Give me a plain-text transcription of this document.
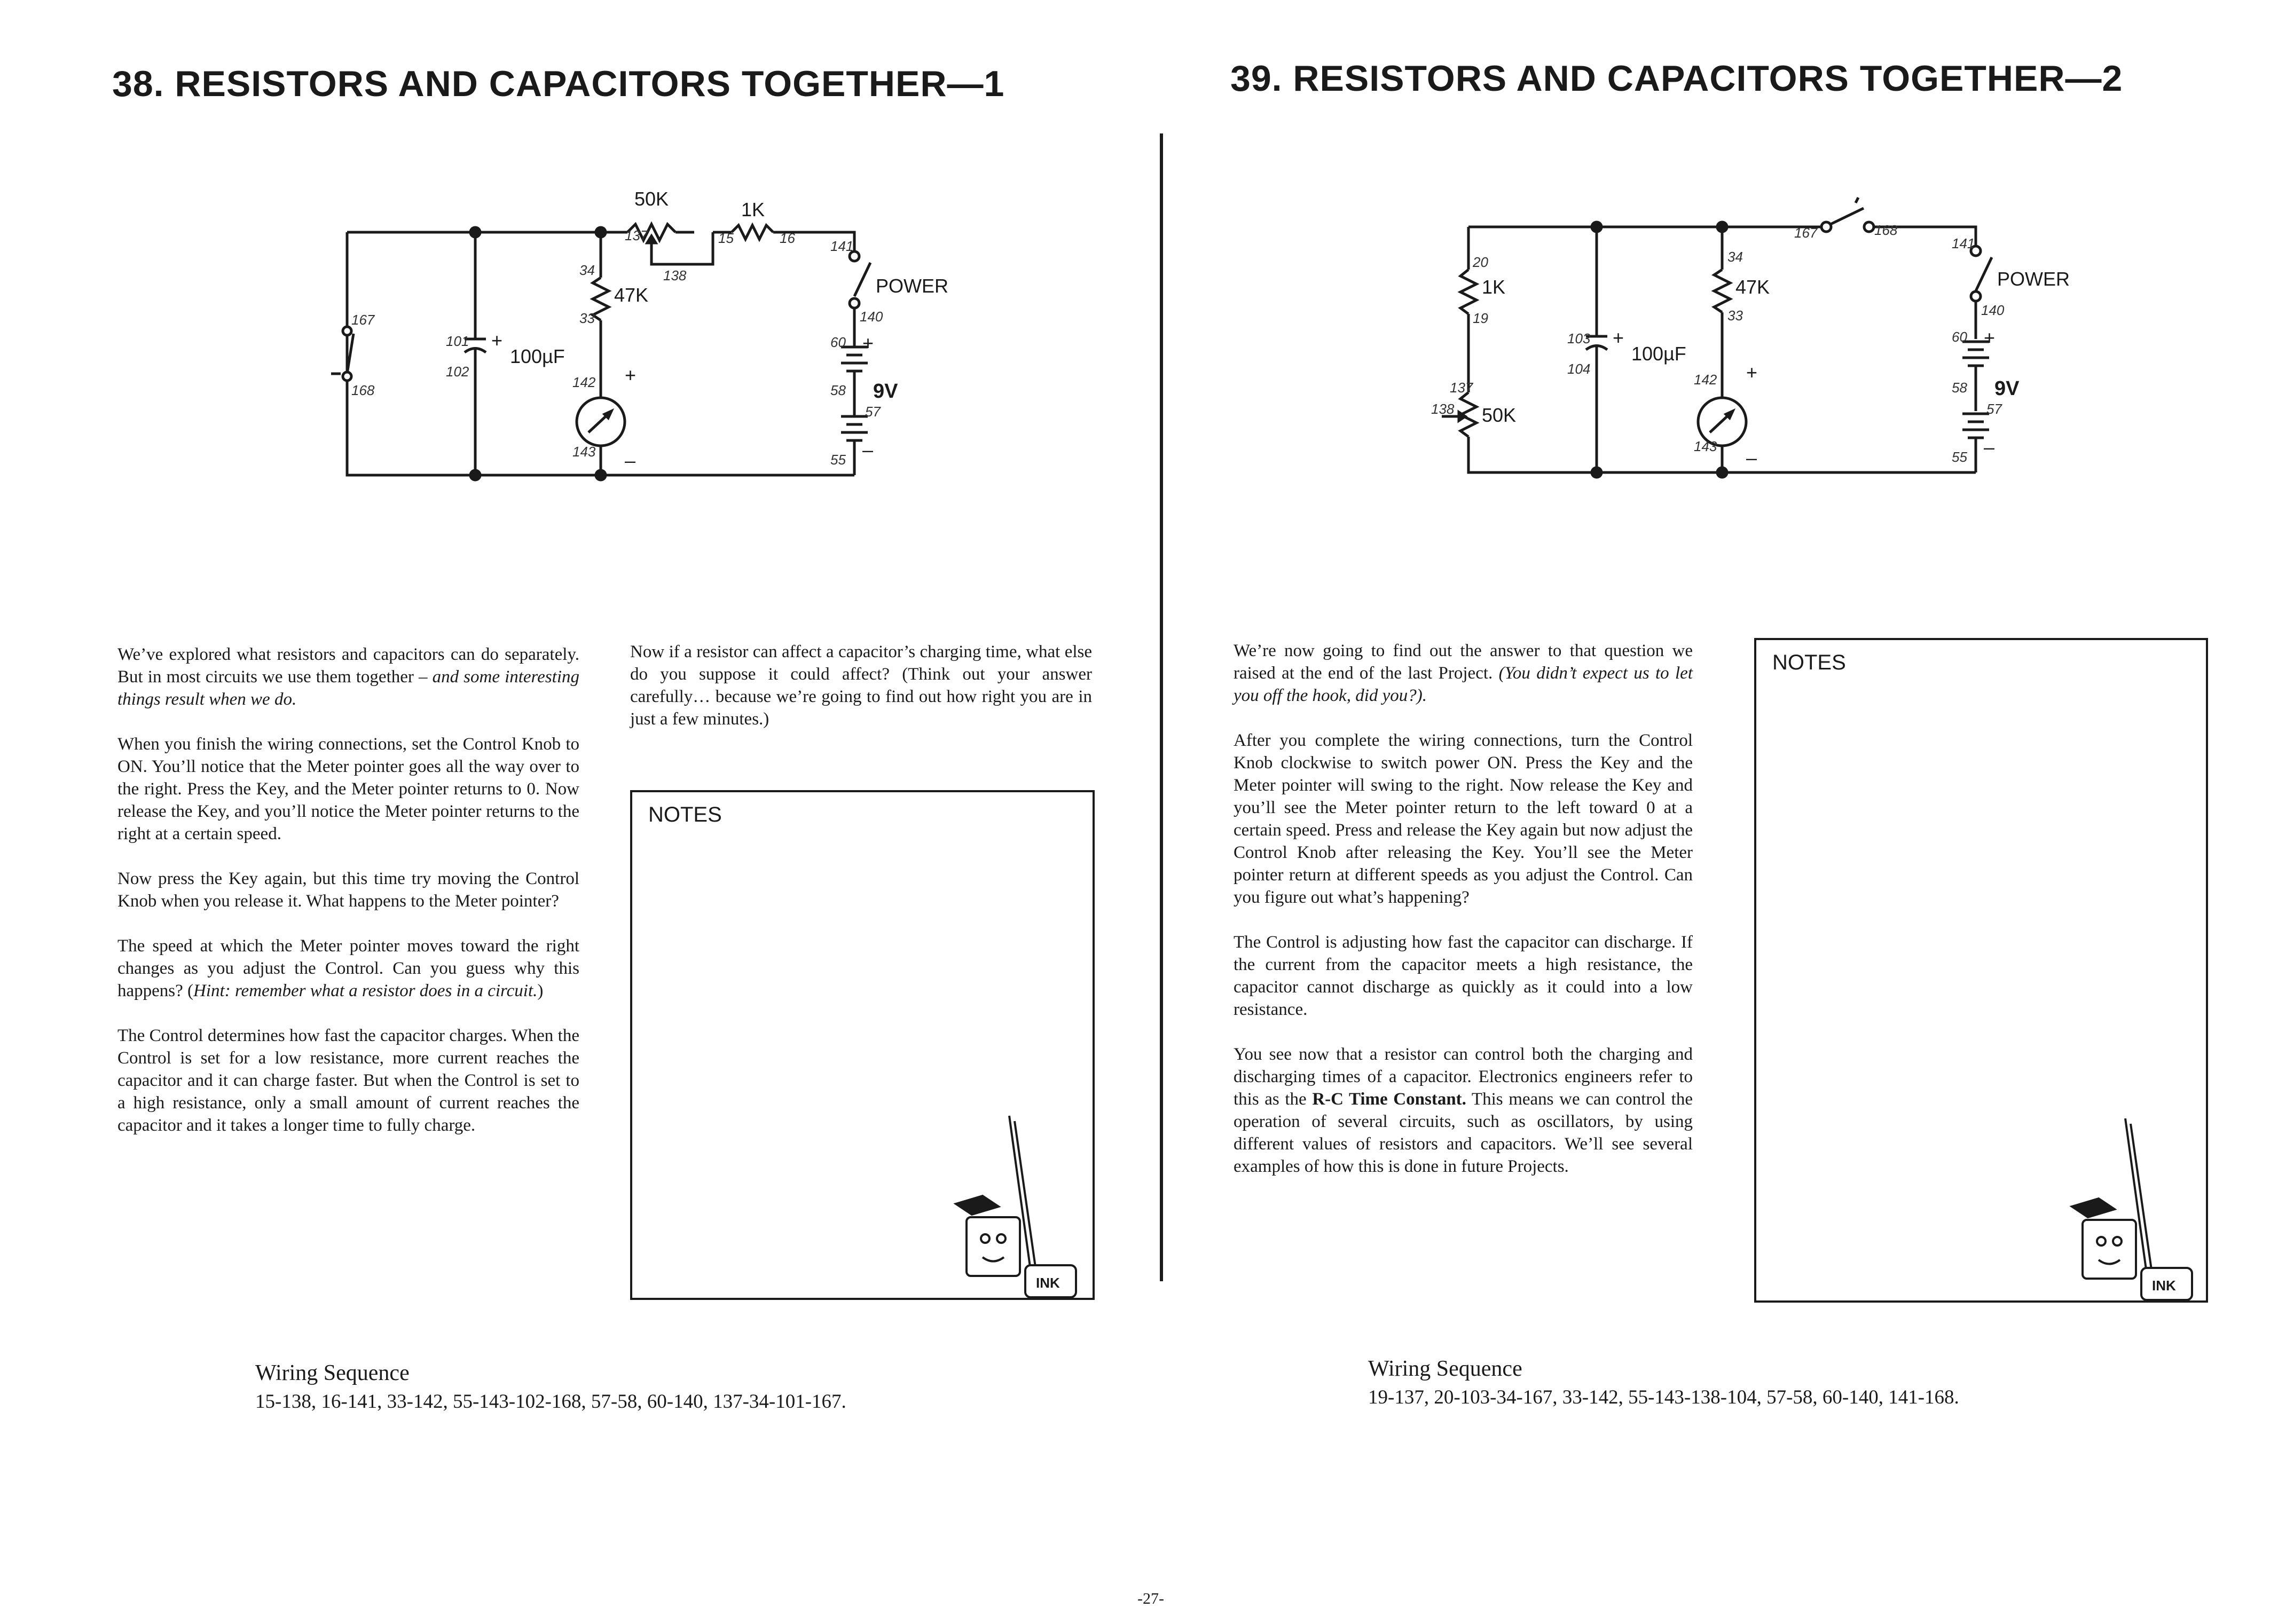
38. RESISTORS AND CAPACITORS TOGETHER—1	39. RESISTORS AND CAPACITORS TOGETHER—2
50K	1K
47K
100µF
+
+
–
POWER
9V
+
–
137
138
15	16	141
140
34
33
101
102
142
143
167
168
60
58
57
55
1K
50K
47K
100µF
+
+
–
POWER
9V
+
–
20
19
137
138
103
104
34
33
142
143
167	168
141
140
60
58
57
55

We’ve explored what resistors and capacitors can do separately. But in most circuits we use them together – and some interesting things result when we do.

When you finish the wiring connections, set the Control Knob to ON. You’ll notice that the Meter pointer goes all the way over to the right. Press the Key, and the Meter pointer returns to 0. Now release the Key, and you’ll notice the Meter pointer returns to the right at a certain speed.

Now press the Key again, but this time try moving the Control Knob when you release it. What happens to the Meter pointer?

The speed at which the Meter pointer moves toward the right changes as you adjust the Control. Can you guess why this happens? (Hint: remember what a resistor does in a circuit.)

The Control determines how fast the capacitor charges. When the Control is set for a low resistance, more current reaches the capacitor and it can charge faster. But when the Control is set to a high resistance, only a small amount of current reaches the capacitor and it takes a longer time to fully charge.

Now if a resistor can affect a capacitor’s charging time, what else do you suppose it could affect? (Think out your answer carefully… because we’re going to find out how right you are in just a few minutes.)

NOTES
INK

We’re now going to find out the answer to that question we raised at the end of the last Project. (You didn’t expect us to let you off the hook, did you?).

After you complete the wiring connections, turn the Control Knob clockwise to switch power ON. Press the Key and the Meter pointer will swing to the right. Now release the Key and you’ll see the Meter pointer return to the left toward 0 at a certain speed. Press and release the Key again but now adjust the Control Knob after releasing the Key. You’ll see the Meter pointer return at different speeds as you adjust the Control. Can you figure out what’s happening?

The Control is adjusting how fast the capacitor can discharge. If the current from the capacitor meets a high resistance, the capacitor cannot discharge as quickly as it could into a low resistance.

You see now that a resistor can control both the charging and discharging times of a capacitor. Electronics engineers refer to this as the R-C Time Constant. This means we can control the operation of several circuits, such as oscillators, by using different values of resistors and capacitors. We’ll see several examples of how this is done in future Projects.

NOTES
INK
Wiring Sequence
15-138, 16-141, 33-142, 55-143-102-168, 57-58, 60-140, 137-34-101-167.
Wiring Sequence
19-137, 20-103-34-167, 33-142, 55-143-138-104, 57-58, 60-140, 141-168.
-27-
